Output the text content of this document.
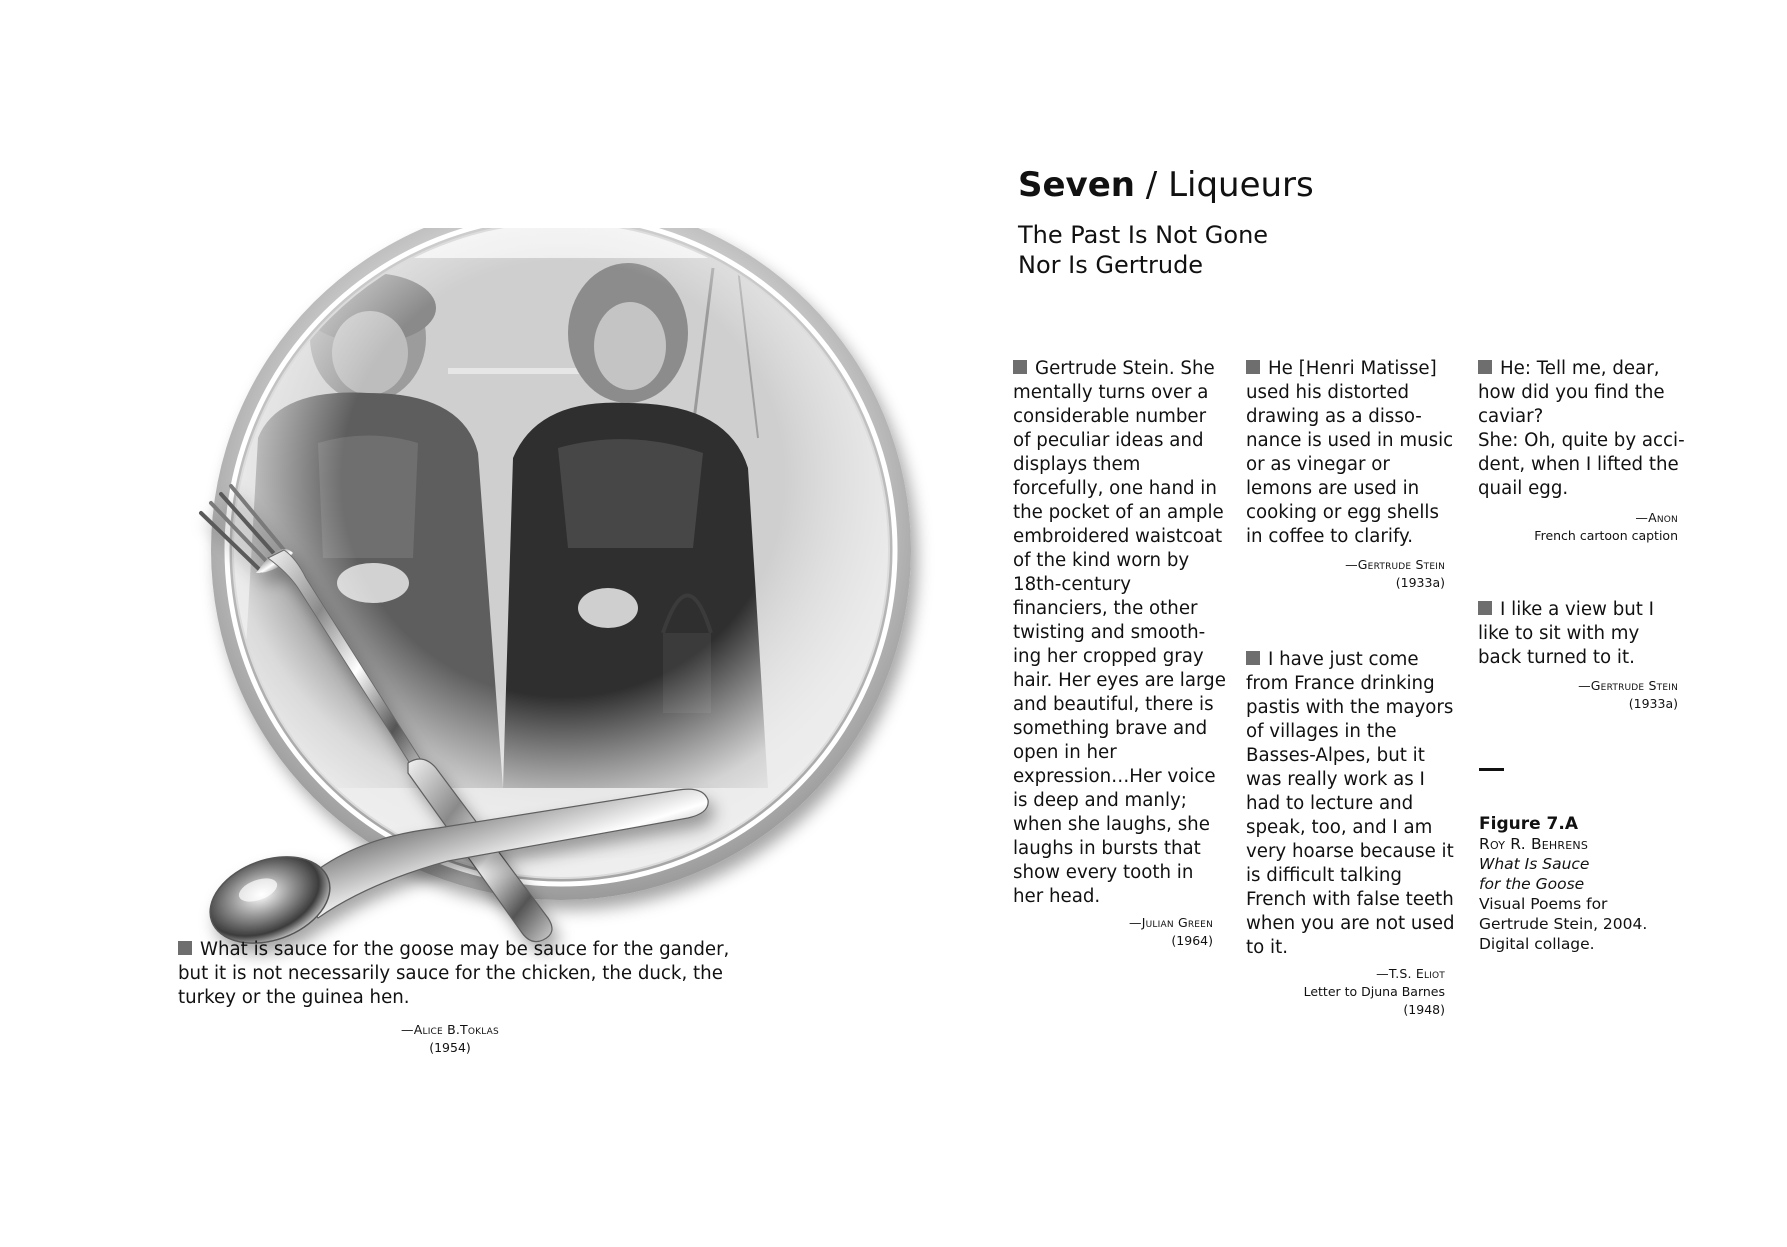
Seven / Liqueurs
The Past Is Not Gone
Nor Is Gertrude
Gertrude Stein. She mentally turns over a considerable number of peculiar ideas and displays them forcefully, one hand in the pocket of an ample embroidered waistcoat of the kind worn by 18th-century financiers, the other twisting and smooth-ing her cropped gray hair. Her eyes are large and beautiful, there is something brave and open in her expression…Her voice is deep and manly; when she laughs, she laughs in bursts that show every tooth in her head.
—Julian Green
(1964)
He [Henri Matisse] used his distorted drawing as a disso-nance is used in music or as vinegar or lemons are used in cooking or egg shells in coffee to clarify.
—Gertrude Stein
(1933a)
I have just come from France drinking pastis with the mayors of villages in the Basses-Alpes, but it was really work as I had to lecture and speak, too, and I am very hoarse because it is difficult talking French with false teeth when you are not used to it.
—T.S. Eliot
Letter to Djuna Barnes
(1948)
He: Tell me, dear, how did you find the caviar?
She: Oh, quite by acci-dent, when I lifted the quail egg.
—Anon
French cartoon caption
I like a view but I like to sit with my back turned to it.
—Gertrude Stein
(1933a)
Figure 7.A
Roy R. Behrens
What Is Sauce
for the Goose
Visual Poems for
Gertrude Stein, 2004.
Digital collage.
What is sauce for the goose may be sauce for the gander, but it is not necessarily sauce for the chicken, the duck, the turkey or the guinea hen.
—Alice B.Toklas
(1954)
